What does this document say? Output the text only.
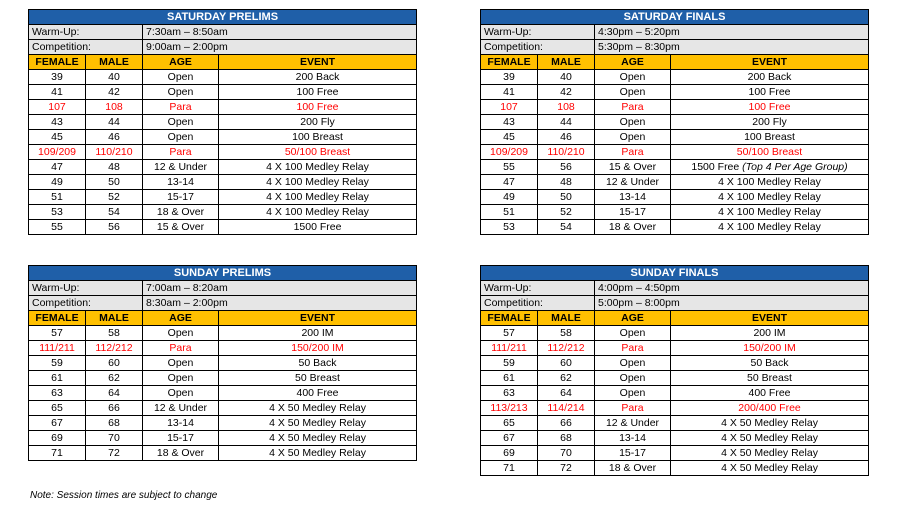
SATURDAY PRELIMS			
Warm-Up:		7:30am – 8:50am	
Competition:		9:00am – 2:00pm	
FEMALE	MALE	AGE	EVENT
39	40	Open	200 Back
41	42	Open	100 Free
107	108	Para	100 Free
43	44	Open	200 Fly
45	46	Open	100 Breast
109/209	110/210	Para	50/100 Breast
47	48	12 & Under	4 X 100 Medley Relay
49	50	13-14	4 X 100 Medley Relay
51	52	15-17	4 X 100 Medley Relay
53	54	18 & Over	4 X 100 Medley Relay
55	56	15 & Over	1500 Free
SATURDAY FINALS			
Warm-Up:		4:30pm – 5:20pm	
Competition:		5:30pm – 8:30pm	
FEMALE	MALE	AGE	EVENT
39	40	Open	200 Back
41	42	Open	100 Free
107	108	Para	100 Free
43	44	Open	200 Fly
45	46	Open	100 Breast
109/209	110/210	Para	50/100 Breast
55	56	15 & Over	1500 Free (Top 4 Per Age Group)
47	48	12 & Under	4 X 100 Medley Relay
49	50	13-14	4 X 100 Medley Relay
51	52	15-17	4 X 100 Medley Relay
53	54	18 & Over	4 X 100 Medley Relay
SUNDAY PRELIMS			
Warm-Up:		7:00am – 8:20am	
Competition:		8:30am – 2:00pm	
FEMALE	MALE	AGE	EVENT
57	58	Open	200 IM
111/211	112/212	Para	150/200 IM
59	60	Open	50 Back
61	62	Open	50 Breast
63	64	Open	400 Free
65	66	12 & Under	4 X 50 Medley Relay
67	68	13-14	4 X 50 Medley Relay
69	70	15-17	4 X 50 Medley Relay
71	72	18 & Over	4 X 50 Medley Relay
SUNDAY FINALS			
Warm-Up:		4:00pm – 4:50pm	
Competition:		5:00pm – 8:00pm	
FEMALE	MALE	AGE	EVENT
57	58	Open	200 IM
111/211	112/212	Para	150/200 IM
59	60	Open	50 Back
61	62	Open	50 Breast
63	64	Open	400 Free
113/213	114/214	Para	200/400 Free
65	66	12 & Under	4 X 50 Medley Relay
67	68	13-14	4 X 50 Medley Relay
69	70	15-17	4 X 50 Medley Relay
71	72	18 & Over	4 X 50 Medley Relay
Note: Session times are subject to change
